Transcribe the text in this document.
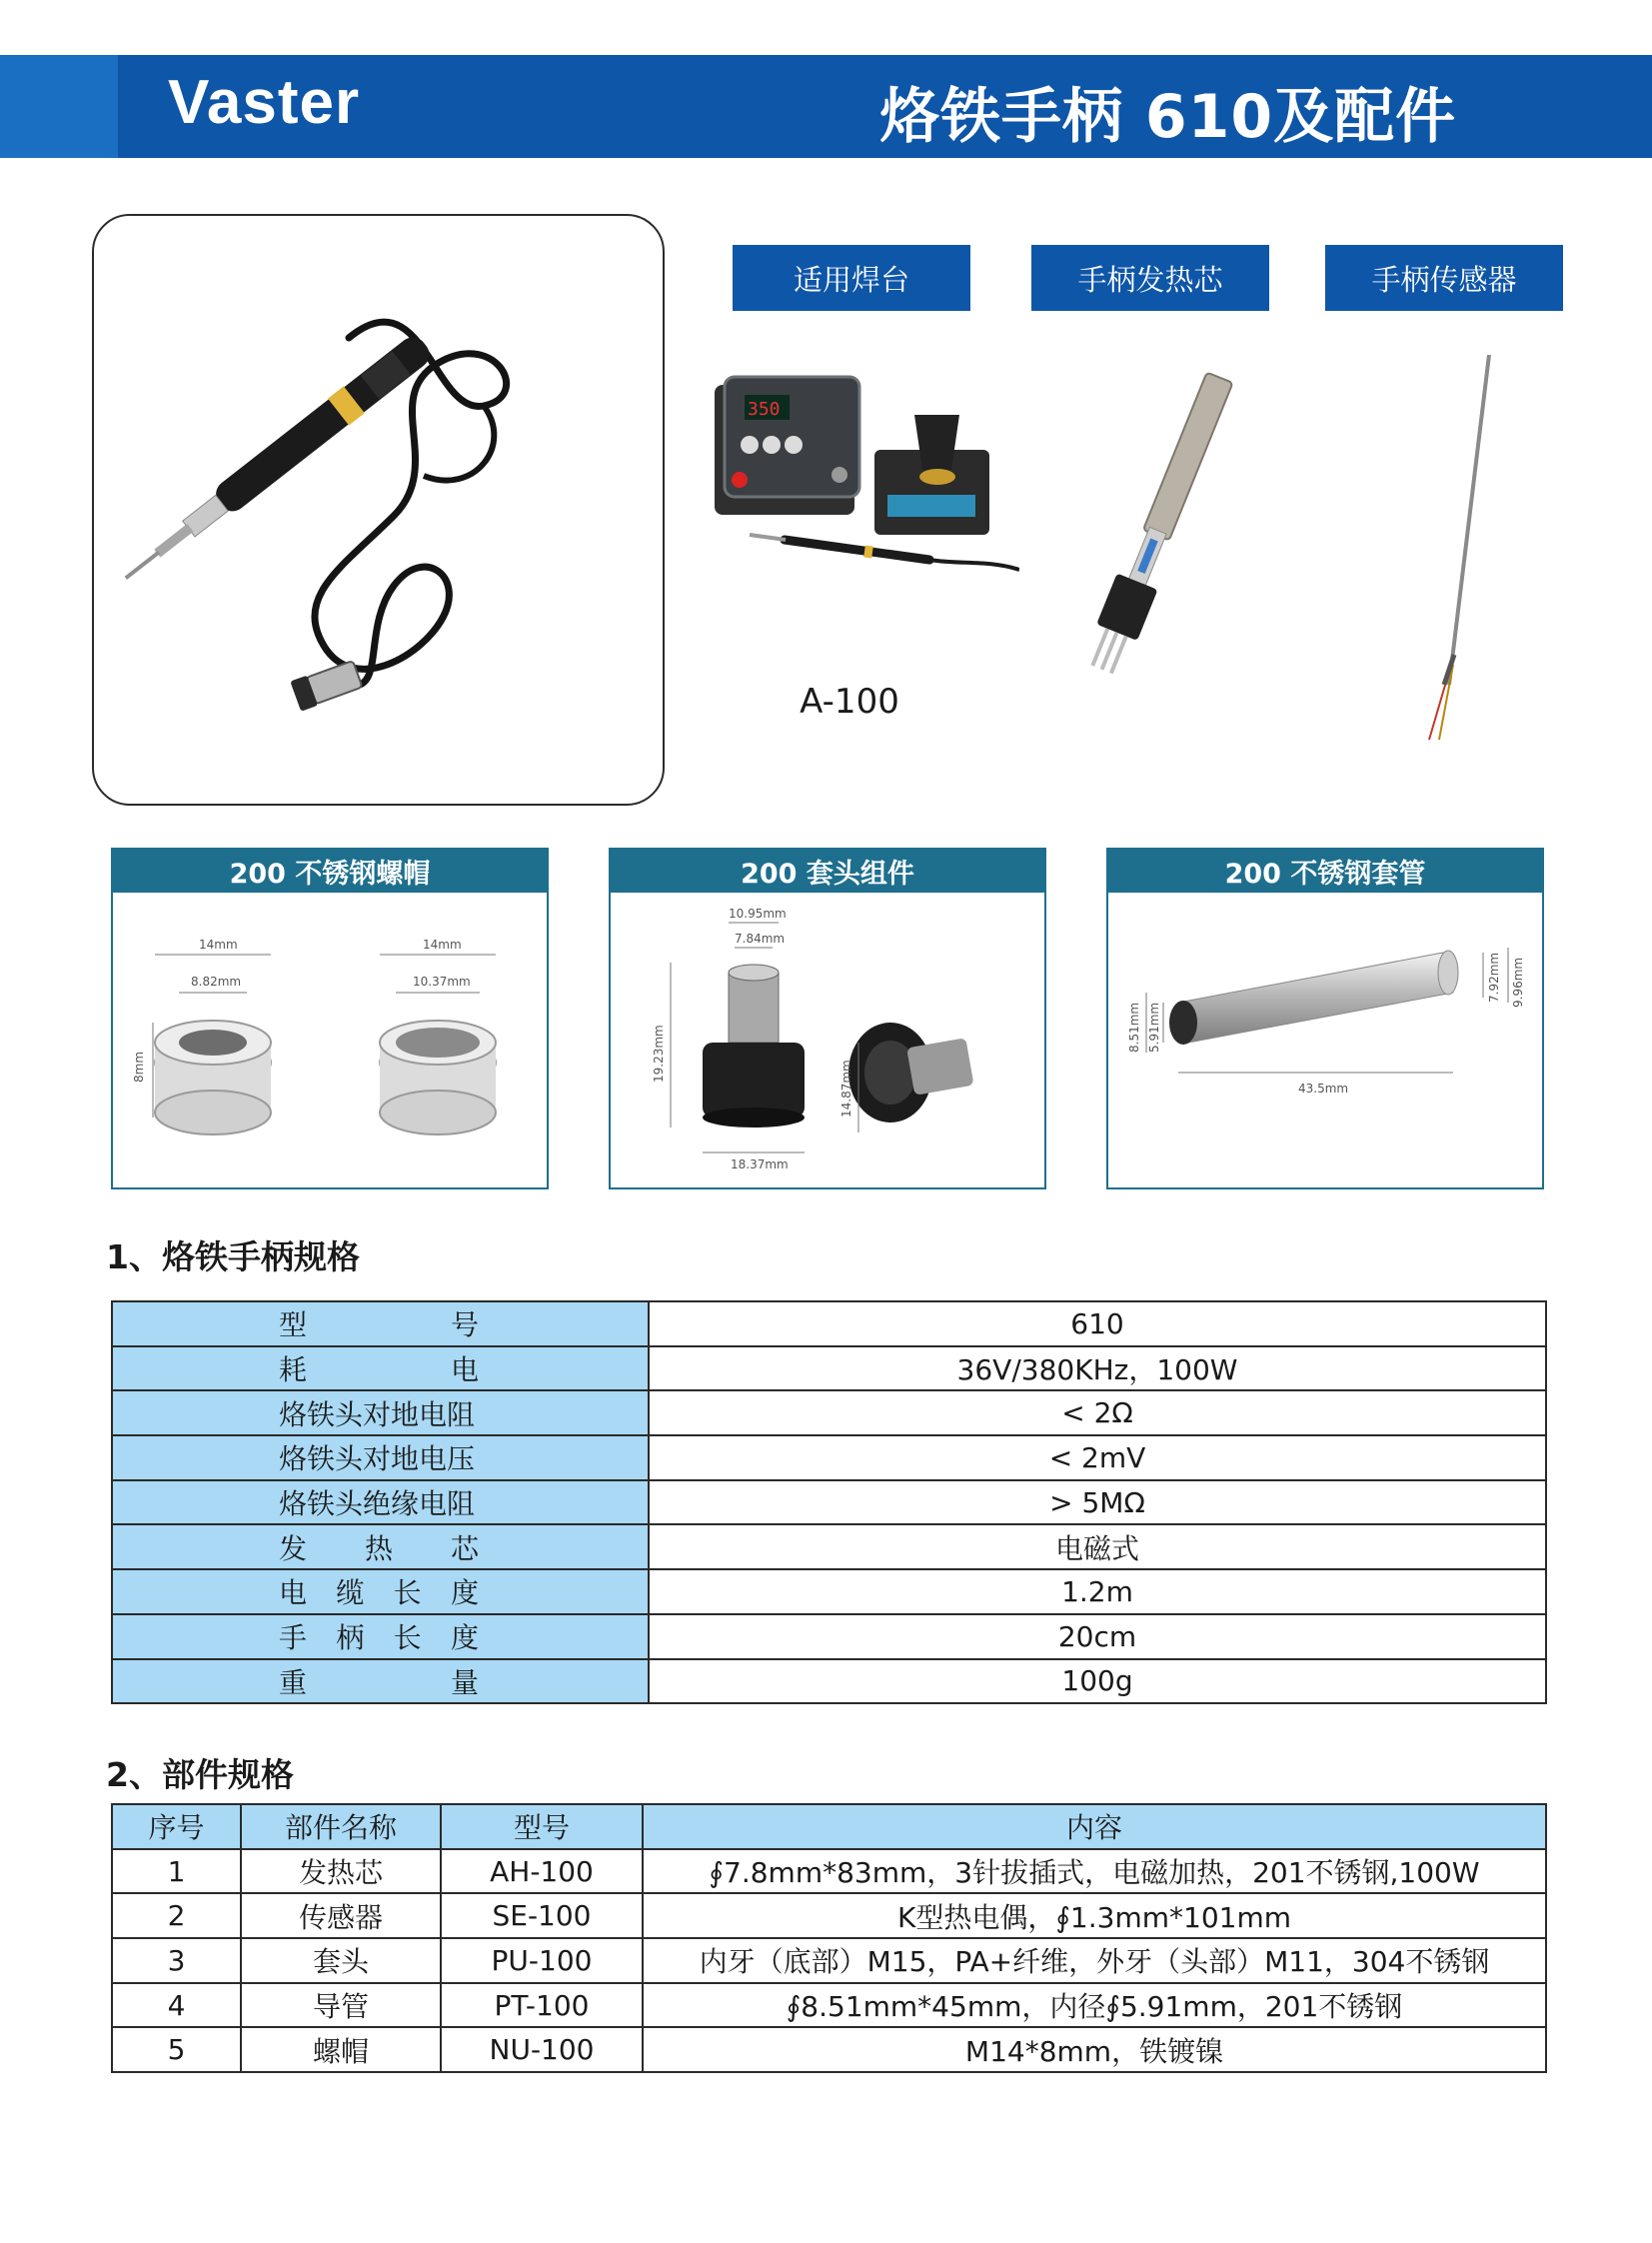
Vaster	烙铁手柄 610及配件
适用焊台	手柄发热芯	手柄传感器
350
A-100
200 不锈钢螺帽
14mm
8.82mm
8mm
14mm
10.37mm
200 套头组件
10.95mm
7.84mm
19.23mm
18.37mm
14.87mm
200 不锈钢套管
43.5mm
8.51mm 5.91mm
7.92mm 9.96mm
1、烙铁手柄规格
型号	610
耗电	36V/380KHz，100W
烙铁头对地电阻	< 2Ω
烙铁头对地电压	< 2mV
烙铁头绝缘电阻	> 5MΩ
发热芯	电磁式
电缆长度	1.2m
手柄长度	20cm
重量	100g
2、部件规格
序号	部件名称	型号	内容
1	发热芯	AH-100	∮7.8mm*83mm，3针拔插式，电磁加热，201不锈钢,100W
2	传感器	SE-100	K型热电偶，∮1.3mm*101mm
3	套头	PU-100	内牙（底部）M15，PA+纤维，外牙（头部）M11，304不锈钢
4	导管	PT-100	∮8.51mm*45mm，内径∮5.91mm，201不锈钢
5	螺帽	NU-100	M14*8mm，铁镀镍
